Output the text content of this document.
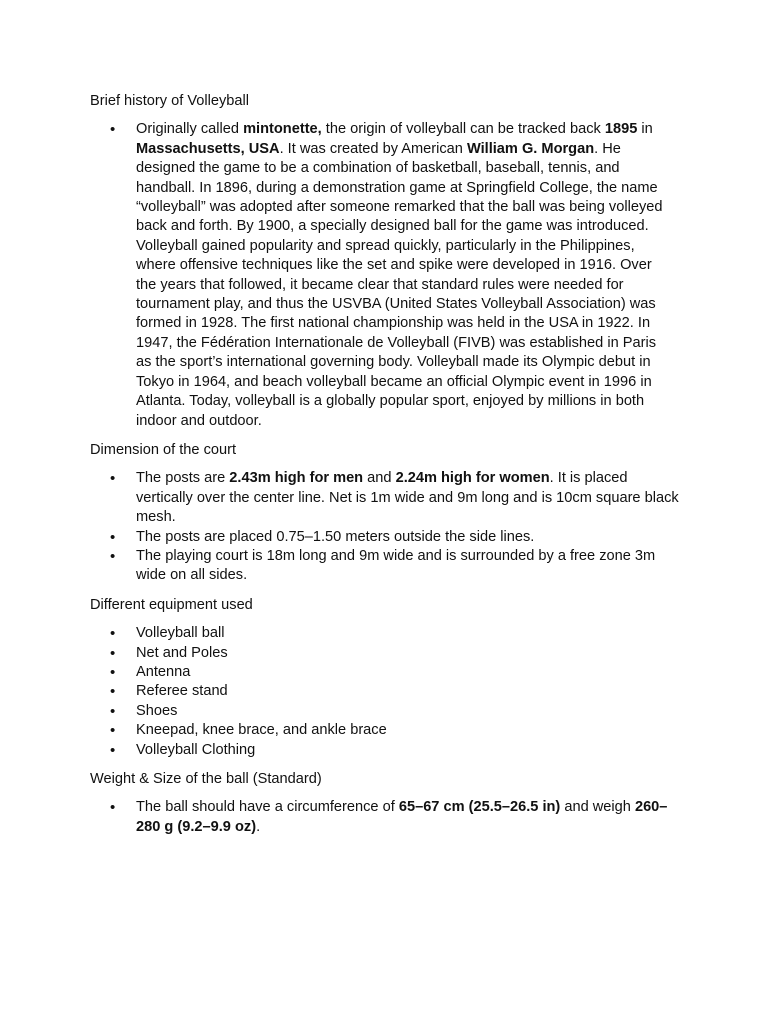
Brief history of Volleyball
• Originally called mintonette, the origin of volleyball can be tracked back 1895 in Massachusetts, USA. It was created by American William G. Morgan. He designed the game to be a combination of basketball, baseball, tennis, and handball. In 1896, during a demonstration game at Springfield College, the name “volleyball” was adopted after someone remarked that the ball was being volleyed back and forth. By 1900, a specially designed ball for the game was introduced. Volleyball gained popularity and spread quickly, particularly in the Philippines, where offensive techniques like the set and spike were developed in 1916. Over the years that followed, it became clear that standard rules were needed for tournament play, and thus the USVBA (United States Volleyball Association) was formed in 1928. The first national championship was held in the USA in 1922. In 1947, the Fédération Internationale de Volleyball (FIVB) was established in Paris as the sport’s international governing body. Volleyball made its Olympic debut in Tokyo in 1964, and beach volleyball became an official Olympic event in 1996 in Atlanta. Today, volleyball is a globally popular sport, enjoyed by millions in both indoor and outdoor.
Dimension of the court
• The posts are 2.43m high for men and 2.24m high for women. It is placed vertically over the center line. Net is 1m wide and 9m long and is 10cm square black mesh.
• The posts are placed 0.75–1.50 meters outside the side lines.
• The playing court is 18m long and 9m wide and is surrounded by a free zone 3m wide on all sides.
Different equipment used
• Volleyball ball
• Net and Poles
• Antenna
• Referee stand
• Shoes
• Kneepad, knee brace, and ankle brace
• Volleyball Clothing
Weight & Size of the ball (Standard)
• The ball should have a circumference of 65–67 cm (25.5–26.5 in) and weigh 260–280 g (9.2–9.9 oz).
